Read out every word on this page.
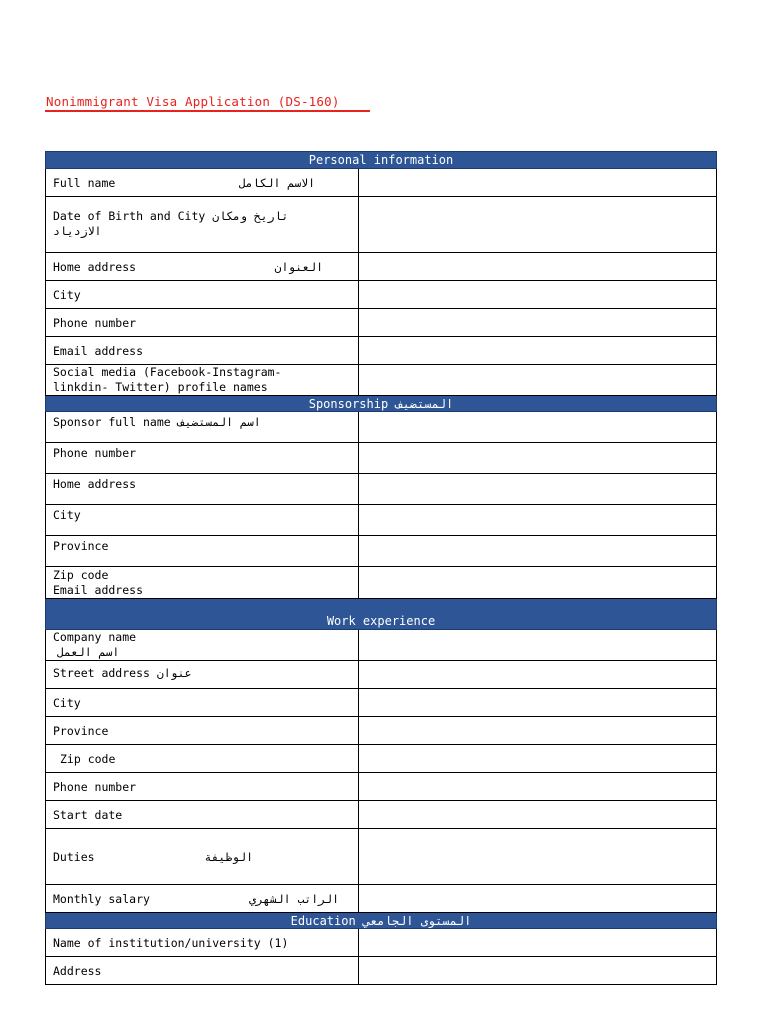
Nonimmigrant Visa Application (DS-160)
Personal information	

Full name الاسم الكامل	

Date of Birth and City تاريخ ومكان
الازدياد	

Home address العنوان	

City	
Phone number	
Email address	

Social media (Facebook-Instagram-
linkdin- Twitter) profile names	

Sponsorship المستضيف	
Sponsor full name اسم المستضيف	
Phone number	
Home address	
City	
Province	

Zip code
Email address	

Work experience	

Company name
اسم العمل	

Street address عنوان	
City	
Province	
Zip code	
Phone number	
Start date	

Duties الوظيفة	

Monthly salary الراتب الشهري	

Education المستوى الجامعي	
Name of institution/university (1)	
Address	
